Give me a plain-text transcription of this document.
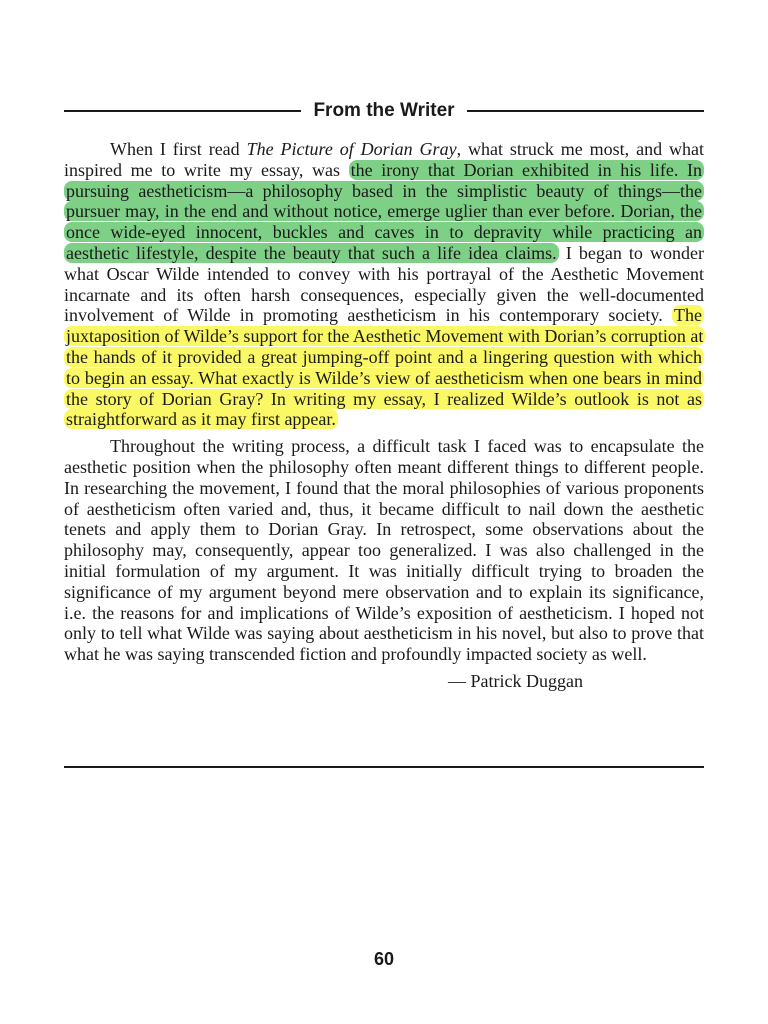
From the Writer

When I first read The Picture of Dorian Gray, what struck me most, and what inspired me to write my essay, was the irony that Dorian exhibited in his life. In pursuing aestheticism—a philosophy based in the simplistic beauty of things—the pursuer may, in the end and without notice, emerge uglier than ever before. Dorian, the once wide-eyed innocent, buckles and caves in to depravity while practicing an aesthetic lifestyle, despite the beauty that such a life idea claims. I began to wonder what Oscar Wilde intended to convey with his portrayal of the Aesthetic Movement incarnate and its often harsh consequences, especially given the well-documented involvement of Wilde in promoting aestheticism in his contemporary society. The juxtaposition of Wilde’s support for the Aesthetic Movement with Dorian’s corruption at the hands of it provided a great jumping-off point and a lingering question with which to begin an essay. What exactly is Wilde’s view of aestheticism when one bears in mind the story of Dorian Gray? In writing my essay, I realized Wilde’s outlook is not as straightforward as it may first appear.

Throughout the writing process, a difficult task I faced was to encapsulate the aesthetic position when the philosophy often meant different things to different people. In researching the movement, I found that the moral philosophies of various proponents of aestheticism often varied and, thus, it became difficult to nail down the aesthetic tenets and apply them to Dorian Gray. In retrospect, some observations about the philosophy may, consequently, appear too generalized. I was also challenged in the initial formulation of my argument. It was initially difficult trying to broaden the significance of my argument beyond mere observation and to explain its significance, i.e. the reasons for and implications of Wilde’s exposition of aestheticism. I hoped not only to tell what Wilde was saying about aestheticism in his novel, but also to prove that what he was saying transcended fiction and profoundly impacted society as well.

— Patrick Duggan
60
